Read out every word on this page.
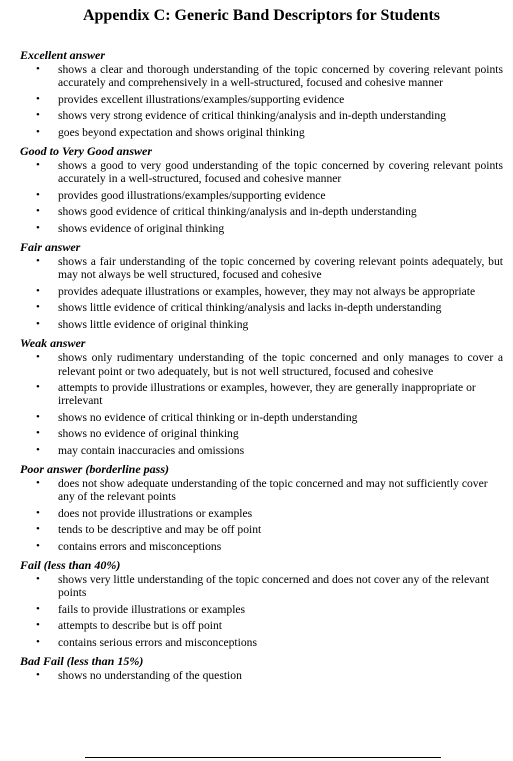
Appendix C: Generic Band Descriptors for Students
Excellent answer
• shows a clear and thorough understanding of the topic concerned by covering relevant points accurately and comprehensively in a well-structured, focused and cohesive manner
• provides excellent illustrations/examples/supporting evidence
• shows very strong evidence of critical thinking/analysis and in-depth understanding
• goes beyond expectation and shows original thinking
Good to Very Good answer
• shows a good to very good understanding of the topic concerned by covering relevant points accurately in a well-structured, focused and cohesive manner
• provides good illustrations/examples/supporting evidence
• shows good evidence of critical thinking/analysis and in-depth understanding
• shows evidence of original thinking
Fair answer
• shows a fair understanding of the topic concerned by covering relevant points adequately, but may not always be well structured, focused and cohesive
• provides adequate illustrations or examples, however, they may not always be appropriate
• shows little evidence of critical thinking/analysis and lacks in-depth understanding
• shows little evidence of original thinking
Weak answer
• shows only rudimentary understanding of the topic concerned and only manages to cover a relevant point or two adequately, but is not well structured, focused and cohesive
• attempts to provide illustrations or examples, however, they are generally inappropriate or irrelevant
• shows no evidence of critical thinking or in-depth understanding
• shows no evidence of original thinking
• may contain inaccuracies and omissions
Poor answer (borderline pass)
• does not show adequate understanding of the topic concerned and may not sufficiently cover any of the relevant points
• does not provide illustrations or examples
• tends to be descriptive and may be off point
• contains errors and misconceptions
Fail (less than 40%)
• shows very little understanding of the topic concerned and does not cover any of the relevant points
• fails to provide illustrations or examples
• attempts to describe but is off point
• contains serious errors and misconceptions
Bad Fail (less than 15%)
• shows no understanding of the question
